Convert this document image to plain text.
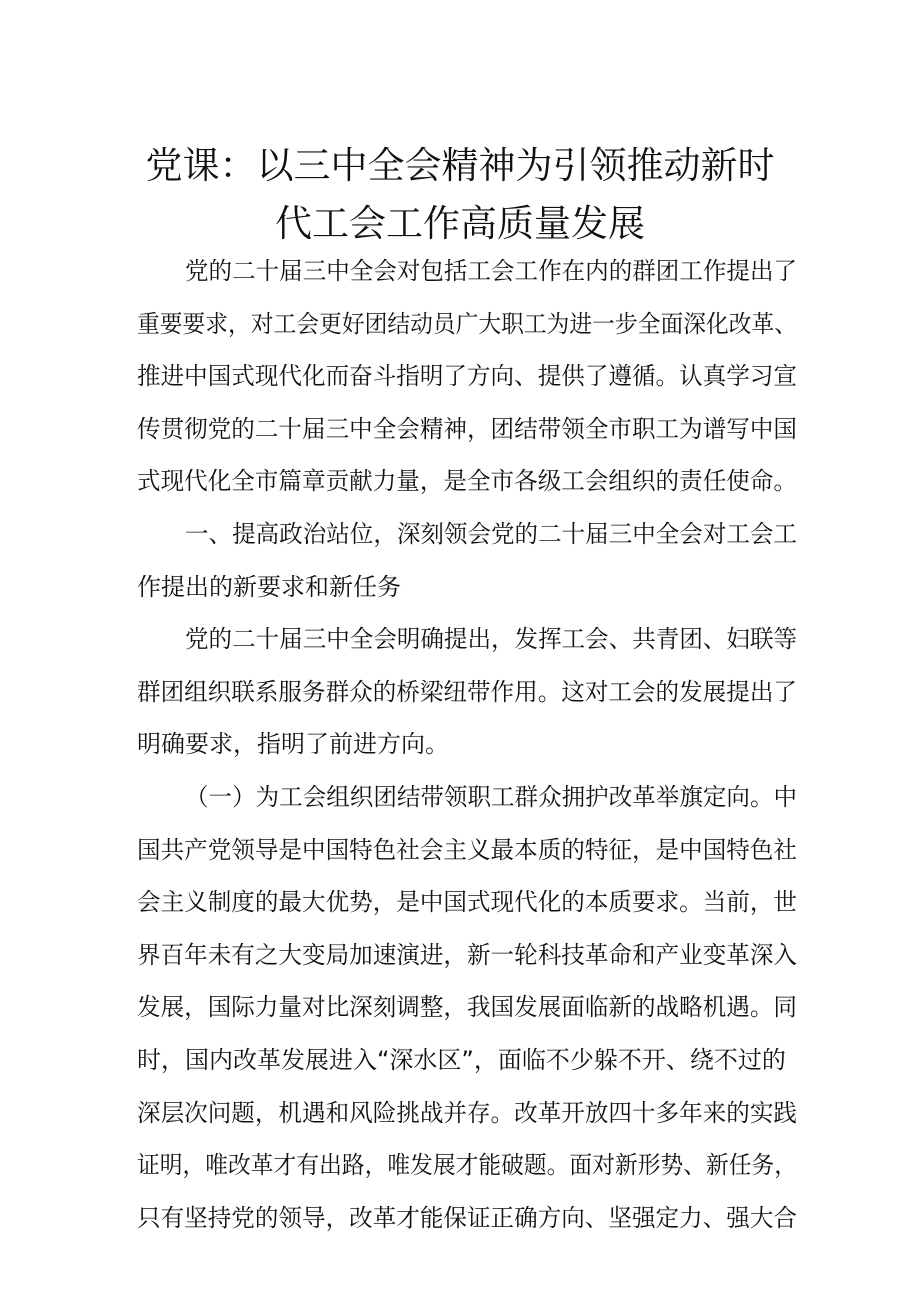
党课：以三中全会精神为引领推动新时
代工会工作高质量发展
党的二十届三中全会对包括工会工作在内的群团工作提出了
重要要求，对工会更好团结动员广大职工为进一步全面深化改革、
推进中国式现代化而奋斗指明了方向、提供了遵循。认真学习宣
传贯彻党的二十届三中全会精神，团结带领全市职工为谱写中国
式现代化全市篇章贡献力量，是全市各级工会组织的责任使命。
一、提高政治站位，深刻领会党的二十届三中全会对工会工
作提出的新要求和新任务
党的二十届三中全会明确提出，发挥工会、共青团、妇联等
群团组织联系服务群众的桥梁纽带作用。这对工会的发展提出了
明确要求，指明了前进方向。
（一）为工会组织团结带领职工群众拥护改革举旗定向。中
国共产党领导是中国特色社会主义最本质的特征，是中国特色社
会主义制度的最大优势，是中国式现代化的本质要求。当前，世
界百年未有之大变局加速演进，新一轮科技革命和产业变革深入
发展，国际力量对比深刻调整，我国发展面临新的战略机遇。同
时，国内改革发展进入“深水区”，面临不少躲不开、绕不过的
深层次问题，机遇和风险挑战并存。改革开放四十多年来的实践
证明，唯改革才有出路，唯发展才能破题。面对新形势、新任务，
只有坚持党的领导，改革才能保证正确方向、坚强定力、强大合
